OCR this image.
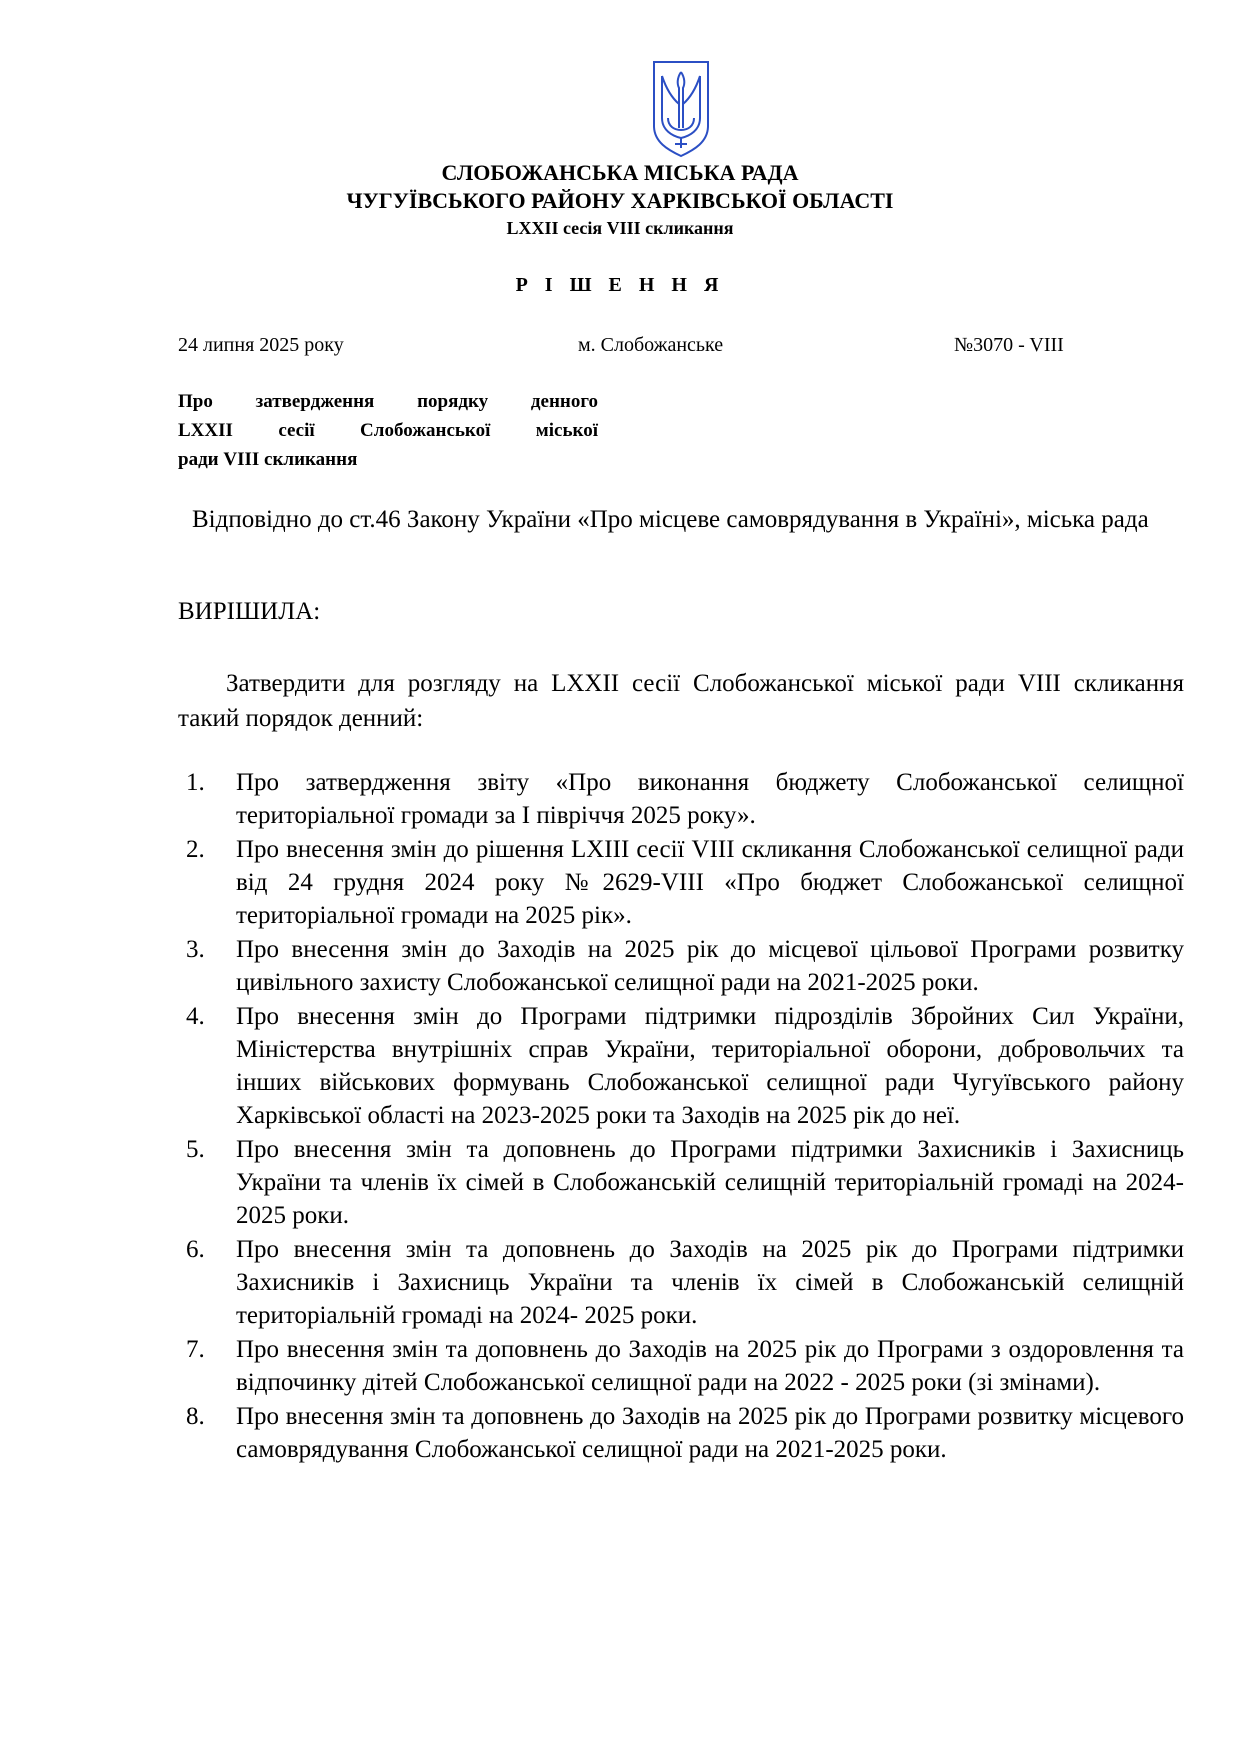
СЛОБОЖАНСЬКА МІСЬКА РАДА
ЧУГУЇВСЬКОГО РАЙОНУ ХАРКІВСЬКОЇ ОБЛАСТІ
LXXII сесія VIII скликання
Р І Ш Е Н Н Я
24 липня 2025 року	м. Слобожанське	№3070 - VIII
Про затвердження порядку денного
LXXII сесії Слобожанської міської
ради VIII скликання
Відповідно до ст.46 Закону України «Про місцеве самоврядування в Україні», міська рада
ВИРІШИЛА:
Затвердити для розгляду на LXXII сесії Слобожанської міської ради VIII скликання такий порядок денний:
1.	Про затвердження звіту «Про виконання бюджету Слобожанської селищної територіальної громади за І півріччя 2025 року».
2.	Про внесення змін до рішення LXIII сесії VIII скликання Слобожанської селищної ради від 24 грудня 2024 року №2629-VIII «Про бюджет Слобожанської селищної територіальної громади на 2025 рік».
3.	Про внесення змін до Заходів на 2025 рік до місцевої цільової Програми розвитку цивільного захисту Слобожанської селищної ради на 2021-2025 роки.
4.	Про внесення змін до Програми підтримки підрозділів Збройних Сил України, Міністерства внутрішніх справ України, територіальної оборони, добровольчих та інших військових формувань Слобожанської селищної ради Чугуївського району Харківської області на 2023-2025 роки та Заходів на 2025 рік до неї.
5.	Про внесення змін та доповнень до Програми підтримки Захисників і Захисниць України та членів їх сімей в Слобожанській селищній територіальній громаді на 2024- 2025 роки.
6.	Про внесення змін та доповнень до Заходів на 2025 рік до Програми підтримки Захисників і Захисниць України та членів їх сімей в Слобожанській селищній територіальній громаді на 2024- 2025 роки.
7.	Про внесення змін та доповнень до Заходів на 2025 рік до Програми з оздоровлення та відпочинку дітей Слобожанської селищної ради на 2022 - 2025 роки (зі змінами).
8.	Про внесення змін та доповнень до Заходів на 2025 рік до Програми розвитку місцевого самоврядування Слобожанської селищної ради на 2021-2025 роки.
